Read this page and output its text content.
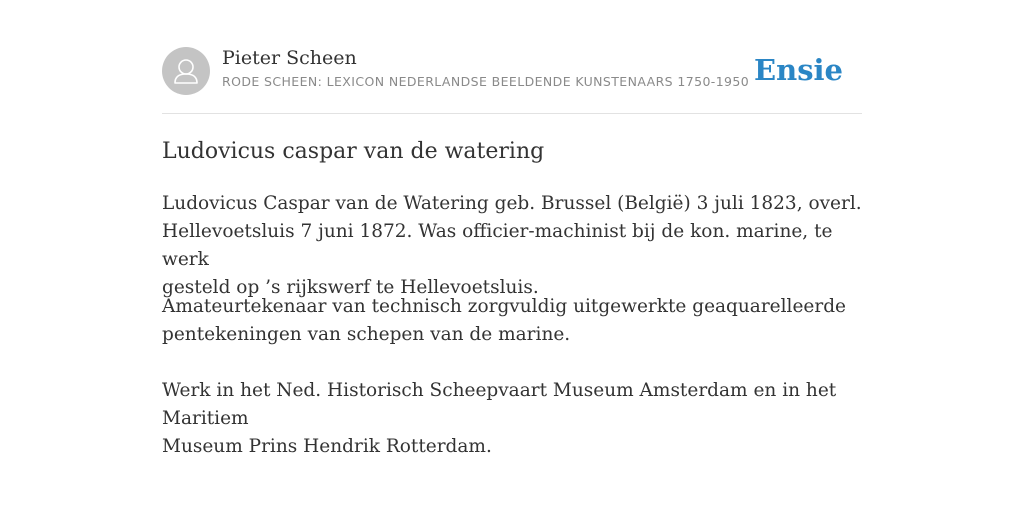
Pieter Scheen
RODE SCHEEN: LEXICON NEDERLANDSE BEELDENDE KUNSTENAARS 1750-1950 Ensie
Ludovicus caspar van de watering

Ludovicus Caspar van de Watering geb. Brussel (België) 3 juli 1823, overl.
Hellevoetsluis 7 juni 1872. Was officier-machinist bij de kon. marine, te werk
gesteld op ’s rijkswerf te Hellevoetsluis.

Amateurtekenaar van technisch zorgvuldig uitgewerkte geaquarelleerde
pentekeningen van schepen van de marine.

Werk in het Ned. Historisch Scheepvaart Museum Amsterdam en in het Maritiem
Museum Prins Hendrik Rotterdam.
